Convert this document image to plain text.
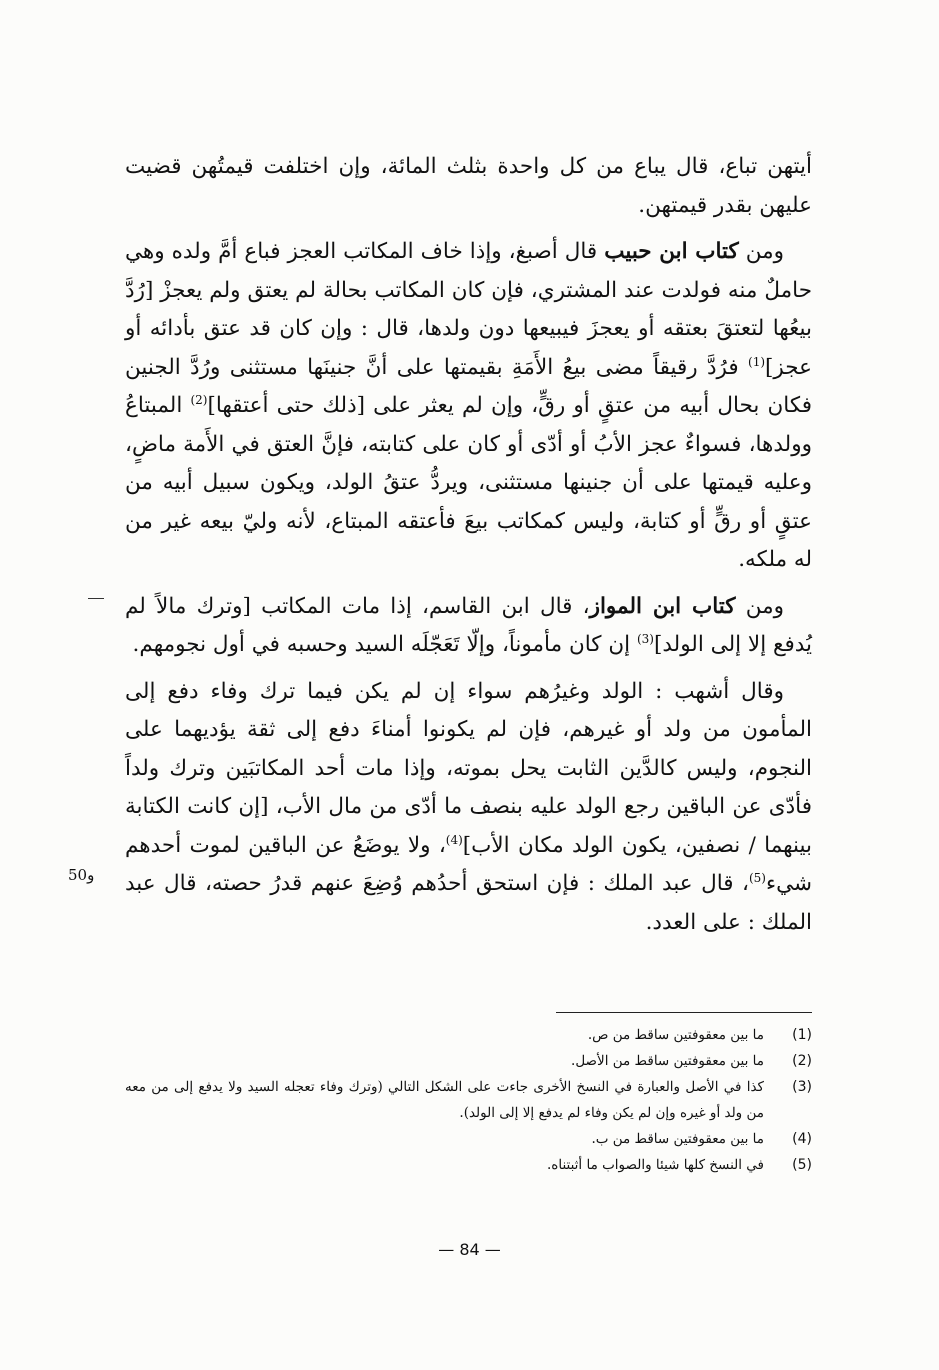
أيتهن تباع، قال يباع من كل واحدة بثلث المائة، وإن اختلفت قيمتُهن قضيت عليهن بقدر قيمتهن.

ومن كتاب ابن حبيب قال أصبغ، وإذا خاف المكاتب العجز فباع أمَّ ولده وهي حاملٌ منه فولدت عند المشتري، فإن كان المكاتب بحالة لم يعتق ولم يعجزْ [رُدَّ بيعُها لتعتقَ بعتقه أو يعجزَ فيبيعها دون ولدها، قال : وإن كان قد عتق بأدائه أو عجز]$^{(1)}$ فرُدَّ رقيقاً مضى بيعُ الأَمَةِ بقيمتها على أنَّ جنينَها مستثنى ورُدَّ الجنين فكان بحال أبيه من عتقٍ أو رقٍّ، وإن لم يعثر على [ذلك حتى أعتقها]$^{(2)}$ المبتاعُ وولدها، فسواءٌ عجز الأبُ أو أدّى أو كان على كتابته، فإنَّ العتق في الأَمة ماضٍ، وعليه قيمتها على أن جنينها مستثنى، ويردُّ عتقُ الولد، ويكون سبيل أبيه من عتقٍ أو رقٍّ أو كتابة، وليس كمكاتب بيعَ فأعتقه المبتاع، لأنه وليّ بيعه غير من له ملكه.

ومن كتاب ابن المواز، قال ابن القاسم، إذا مات المكاتب [وترك مالاً لم يُدفع إلا إلى الولد]$^{(3)}$ إن كان مأموناً، وإلّا تَعَجّلَه السيد وحسبه في أول نجومهم.

وقال أشهب : الولد وغيرُهم سواء إن لم يكن فيما ترك وفاء دفع إلى المأمون من ولد أو غيرهم، فإن لم يكونوا أمناءَ دفع إلى ثقة يؤديهما على النجوم، وليس كالدَّين الثابت يحل بموته، وإذا مات أحد المكاتبَين وترك ولداً فأدّى عن الباقين رجع الولد عليه بنصف ما أدّى من مال الأب، [إن كانت الكتابة بينهما / نصفين، يكون الولد مكان الأب]$^{(4)}$، ولا يوضَعُ عن الباقين لموت أحدهم شيء$^{(5)}$، قال عبد الملك : فإن استحق أحدُهم وُضِعَ عنهم قدرُ حصته، قال عبد الملك : على العدد.

50و
(1)
ما بين معقوفتين ساقط من ص.
(2)
ما بين معقوفتين ساقط من الأصل.
(3)
كذا في الأصل والعبارة في النسخ الأخرى جاءت على الشكل التالي (وترك وفاء تعجله السيد ولا يدفع إلى من معه من ولد أو غيره وإن لم يكن وفاء لم يدفع إلا إلى الولد).
(4)
ما بين معقوفتين ساقط من ب.
(5)
في النسخ كلها شيئا والصواب ما أثبتناه.
— 84 —
